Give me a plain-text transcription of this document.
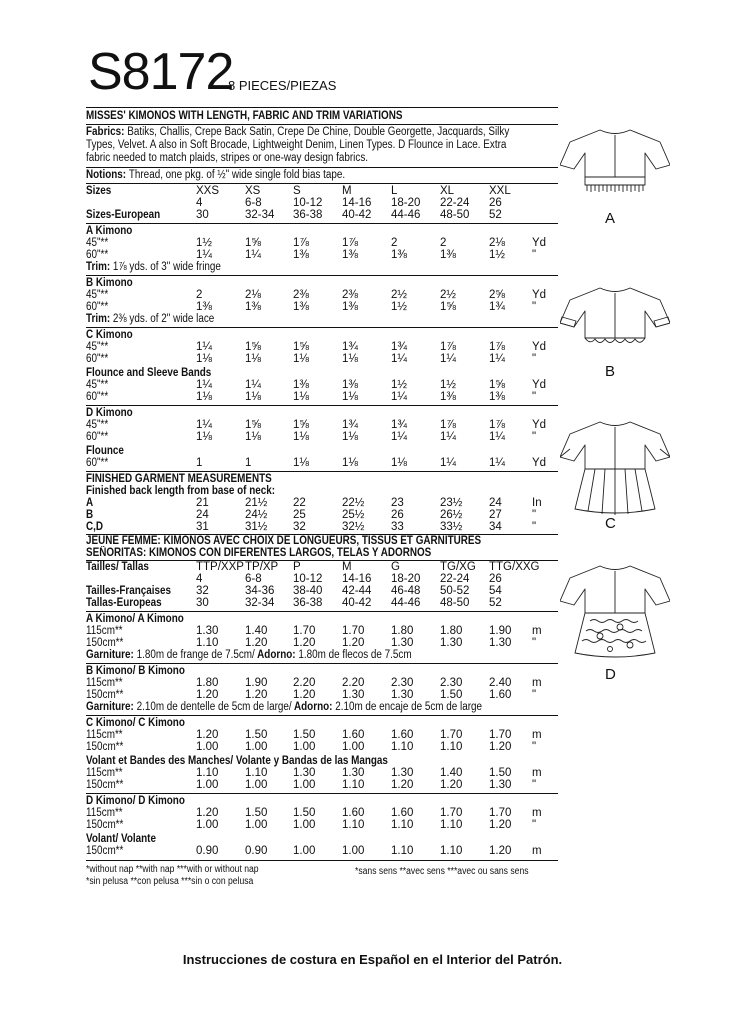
S8172
8 PIECES/PIEZAS
MISSES' KIMONOS WITH LENGTH, FABRIC AND TRIM VARIATIONS
Fabrics: Batiks, Challis, Crepe Back Satin, Crepe De Chine, Double Georgette, Jacquards, Silky
Types, Velvet. A also in Soft Brocade, Lightweight Denim, Linen Types. D Flounce in Lace. Extra
fabric needed to match plaids, stripes or one-way design fabrics.
Notions: Thread, one pkg. of ½" wide single fold bias tape.
Sizes	XXS XS	S	M	L	XL	XXL
4	6-8	10-12 14-16 18-20 22-24 26
Sizes-European	30	32-34 36-38 40-42 44-46 48-50 52
A Kimono
45"**	1½	1⅝	1⅞	1⅞	2	2	2⅛ Yd
60"**	1¼	1¼	1⅜	1⅜	1⅜	1⅜	1½ "
Trim: 1⅞ yds. of 3" wide fringe
B Kimono
45"**	2	2⅛	2⅜	2⅜	2½	2½	2⅝ Yd
60"**	1⅜	1⅜	1⅜	1⅜	1½	1⅝	1¾ "
Trim: 2⅜ yds. of 2" wide lace
C Kimono
45"**	1¼	1⅝	1⅝	1¾	1¾	1⅞	1⅞ Yd
60"**	1⅛	1⅛	1⅛	1⅛	1¼	1¼	1¼ "
Flounce and Sleeve Bands
45"**	1¼	1¼	1⅜	1⅜	1½	1½	1⅝ Yd
60"**	1⅛	1⅛	1⅛	1⅛	1¼	1⅜	1⅜ "
D Kimono
45"**	1¼	1⅝	1⅝	1¾	1¾	1⅞	1⅞ Yd
60"**	1⅛	1⅛	1⅛	1⅛	1¼	1¼	1¼ "
Flounce
60"**	1	1	1⅛	1⅛	1⅛	1¼	1¼ Yd
FINISHED GARMENT MEASUREMENTS
Finished back length from base of neck:
A	21	21½ 22	22½ 23	23½ 24	In
B	24	24½ 25	25½ 26	26½ 27	"
C,D	31	31½ 32	32½ 33	33½ 34	"
JEUNE FEMME: KIMONOS AVEC CHOIX DE LONGUEURS, TISSUS ET GARNITURES
SEÑORITAS: KIMONOS CON DIFERENTES LARGOS, TELAS Y ADORNOS
Tailles/ Tallas	TTP/XXP TP/XP P	M	G	TG/XG TTG/XXG
4	6-8	10-12 14-16 18-20 22-24 26
Tailles-Françaises	32	34-36 38-40 42-44 46-48 50-52 54
Tallas-Europeas	30	32-34 36-38 40-42 44-46 48-50 52
A Kimono/ A Kimono
115cm**	1.30 1.40 1.70 1.70 1.80 1.80 1.90 m
150cm**	1.10 1.20 1.20 1.20 1.30 1.30 1.30 "
Garniture: 1.80m de frange de 7.5cm/ Adorno: 1.80m de flecos de 7.5cm
B Kimono/ B Kimono
115cm**	1.80 1.90 2.20 2.20 2.30 2.30 2.40 m
150cm**	1.20 1.20 1.20 1.30 1.30 1.50 1.60 "
Garniture: 2.10m de dentelle de 5cm de large/ Adorno: 2.10m de encaje de 5cm de large
C Kimono/ C Kimono
115cm**	1.20 1.50 1.50 1.60 1.60 1.70 1.70 m
150cm**	1.00 1.00 1.00 1.00 1.10 1.10 1.20 "
Volant et Bandes des Manches/ Volante y Bandas de las Mangas
115cm**	1.10 1.10 1.30 1.30 1.30 1.40 1.50 m
150cm**	1.00 1.00 1.00 1.10 1.20 1.20 1.30 "
D Kimono/ D Kimono
115cm**	1.20 1.50 1.50 1.60 1.60 1.70 1.70 m
150cm**	1.00 1.00 1.00 1.10 1.10 1.10 1.20 "
Volant/ Volante
150cm**	0.90 0.90 1.00 1.00 1.10 1.10 1.20 m
*without nap **with nap ***with or without nap	*sans sens **avec sens ***avec ou sans sens
*sin pelusa **con pelusa ***sin o con pelusa
A
B
C
D
Instrucciones de costura en Español en el Interior del Patrón.
